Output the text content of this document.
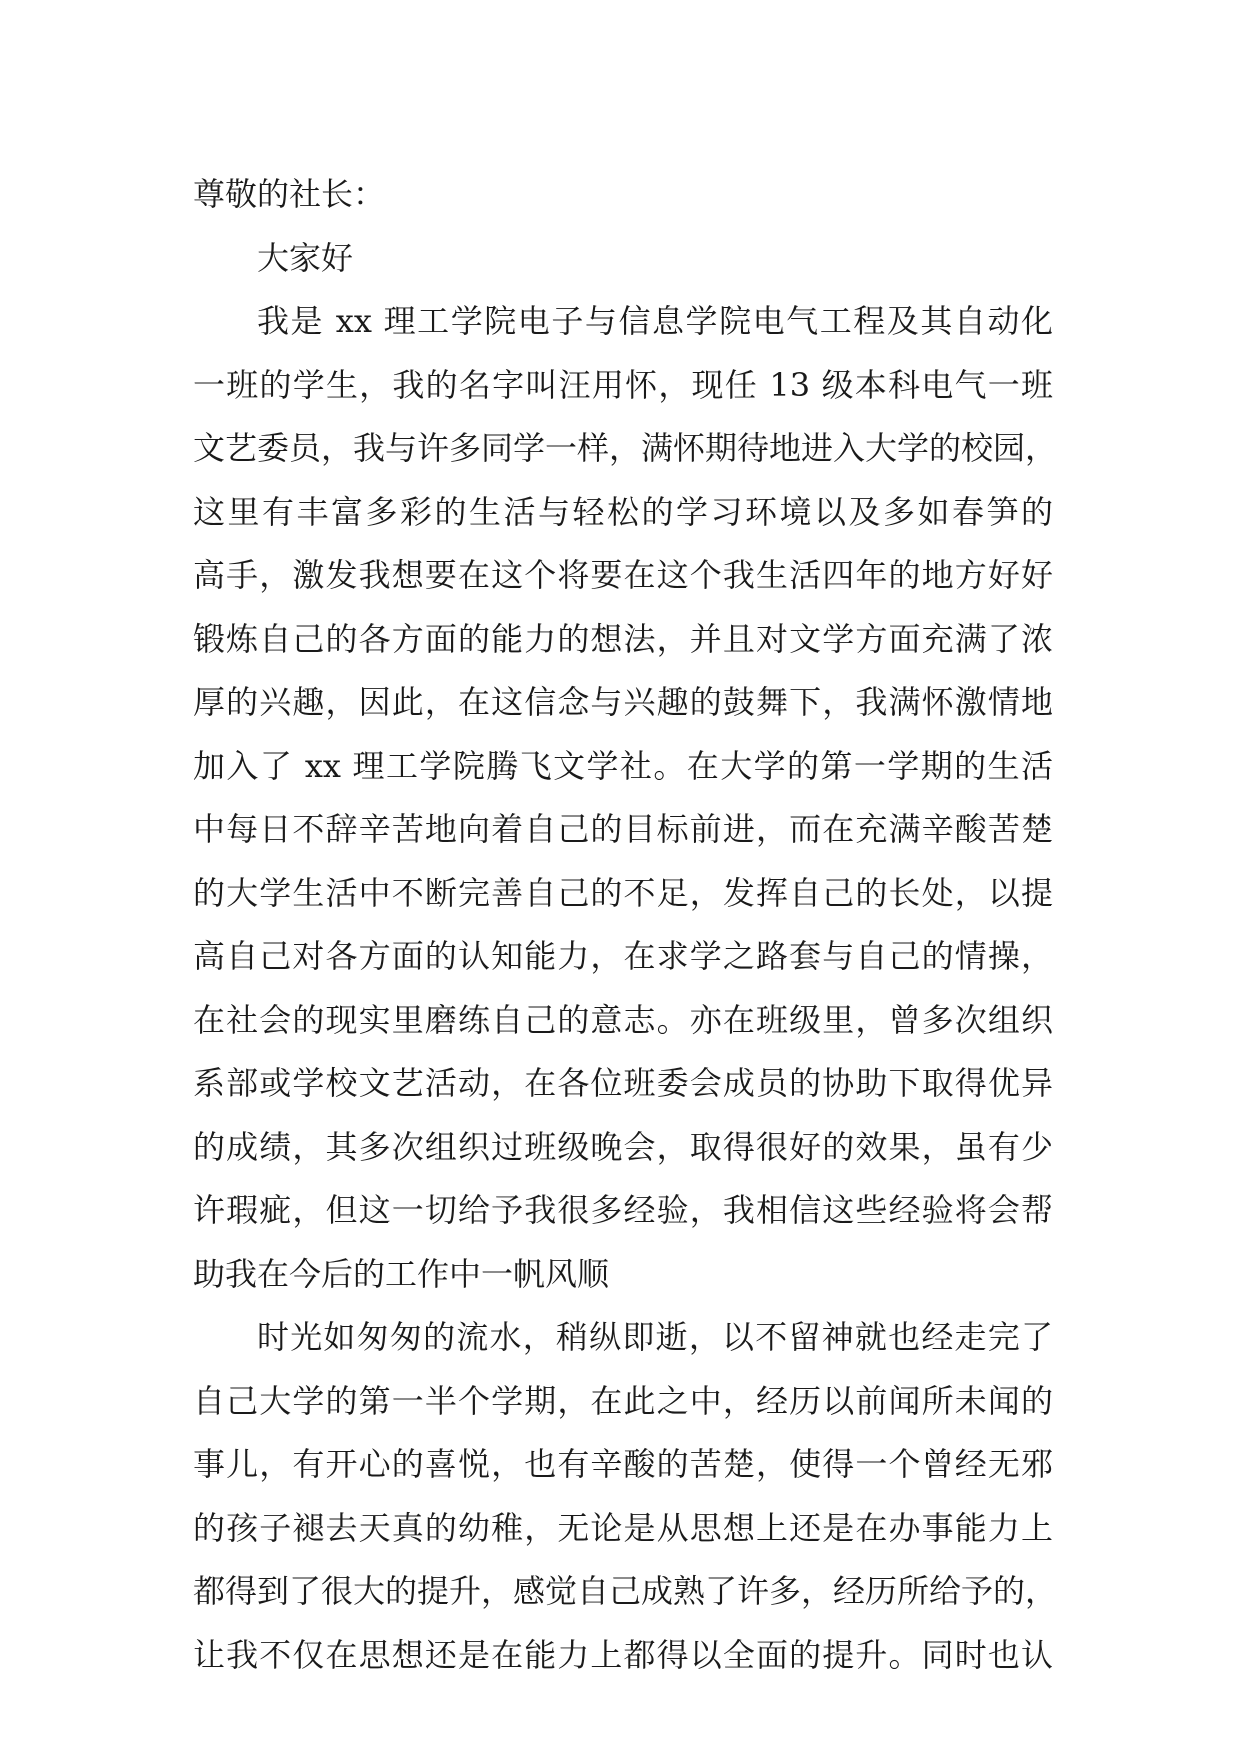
尊敬的社长：
大家好
我是 xx 理工学院电子与信息学院电气工程及其自动化
一班的学生，我的名字叫汪用怀，现任 13 级本科电气一班
文艺委员，我与许多同学一样，满怀期待地进入大学的校园，
这里有丰富多彩的生活与轻松的学习环境以及多如春笋的
高手，激发我想要在这个将要在这个我生活四年的地方好好
锻炼自己的各方面的能力的想法，并且对文学方面充满了浓
厚的兴趣，因此，在这信念与兴趣的鼓舞下，我满怀激情地
加入了 xx 理工学院腾飞文学社。在大学的第一学期的生活
中每日不辞辛苦地向着自己的目标前进，而在充满辛酸苦楚
的大学生活中不断完善自己的不足，发挥自己的长处，以提
高自己对各方面的认知能力，在求学之路套与自己的情操，
在社会的现实里磨练自己的意志。亦在班级里，曾多次组织
系部或学校文艺活动，在各位班委会成员的协助下取得优异
的成绩，其多次组织过班级晚会，取得很好的效果，虽有少
许瑕疵，但这一切给予我很多经验，我相信这些经验将会帮
助我在今后的工作中一帆风顺
时光如匆匆的流水，稍纵即逝，以不留神就也经走完了
自己大学的第一半个学期，在此之中，经历以前闻所未闻的
事儿，有开心的喜悦，也有辛酸的苦楚，使得一个曾经无邪
的孩子褪去天真的幼稚，无论是从思想上还是在办事能力上
都得到了很大的提升，感觉自己成熟了许多，经历所给予的，
让我不仅在思想还是在能力上都得以全面的提升。同时也认
